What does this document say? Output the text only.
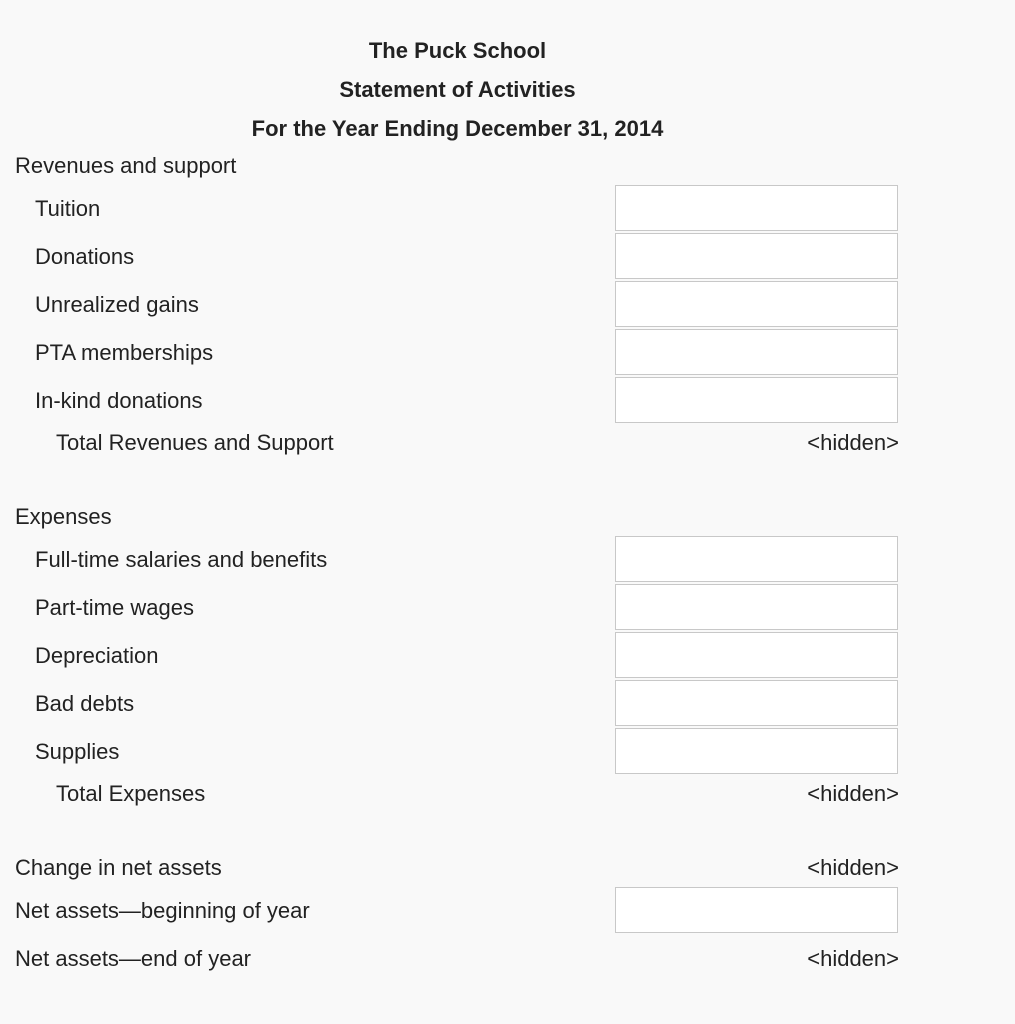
The Puck School
Statement of Activities
For the Year Ending December 31, 2014
Revenues and support
Tuition
Donations
Unrealized gains
PTA memberships
In-kind donations
Total Revenues and Support	<hidden>
Expenses
Full-time salaries and benefits
Part-time wages
Depreciation
Bad debts
Supplies
Total Expenses	<hidden>
Change in net assets	<hidden>
Net assets—beginning of year
Net assets—end of year	<hidden>
